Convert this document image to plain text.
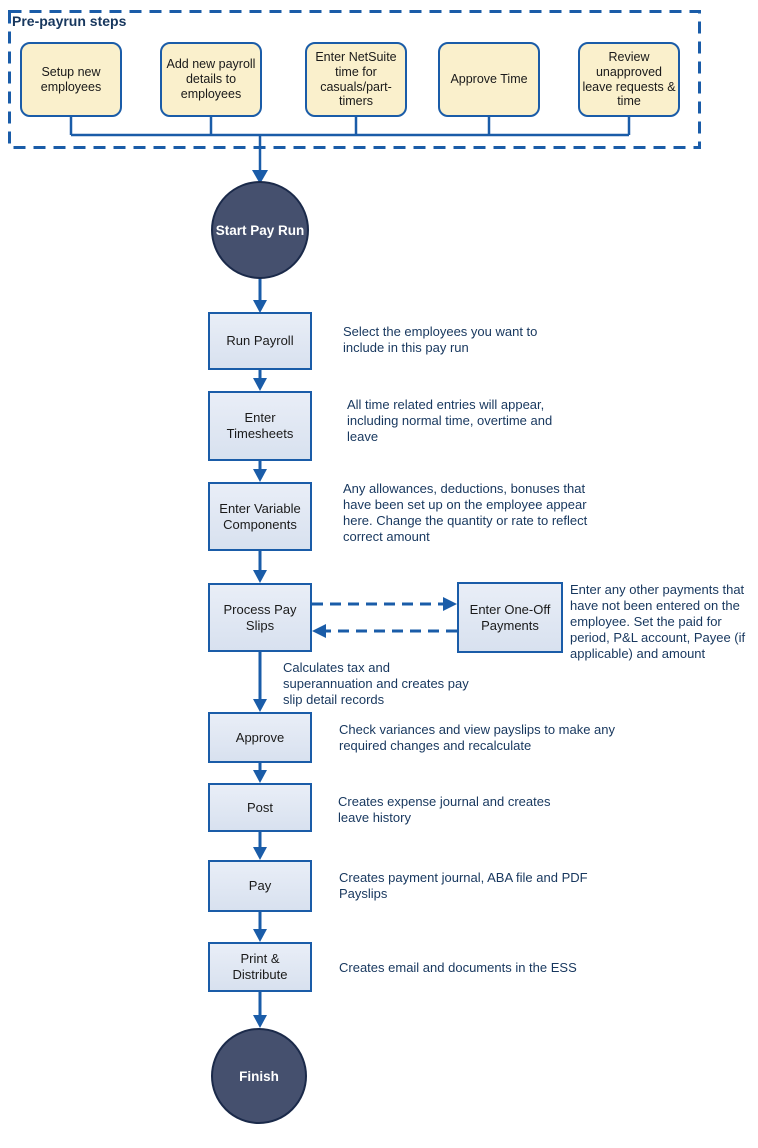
Pre-payrun steps
Setup new employees
Add new payroll details to employees
Enter NetSuite time for casuals/part-timers
Approve Time
Review unapproved leave requests & time
Start Pay Run
Run Payroll
Select the employees you want to include in this pay run
Enter Timesheets
All time related entries will appear, including normal time, overtime and leave
Enter Variable Components
Any allowances, deductions, bonuses that have been set up on the employee appear here. Change the quantity or rate to reflect correct amount
Process Pay Slips
Calculates tax and superannuation and creates pay slip detail records
Enter One-Off Payments
Enter any other payments that have not been entered on the employee. Set the paid for period, P&L account, Payee (if applicable) and amount
Approve
Check variances and view payslips to make any required changes and recalculate
Post	Creates expense journal and creates leave history
Pay
Creates payment journal, ABA file and PDF Payslips
Print & Distribute	Creates email and documents in the ESS
Finish
